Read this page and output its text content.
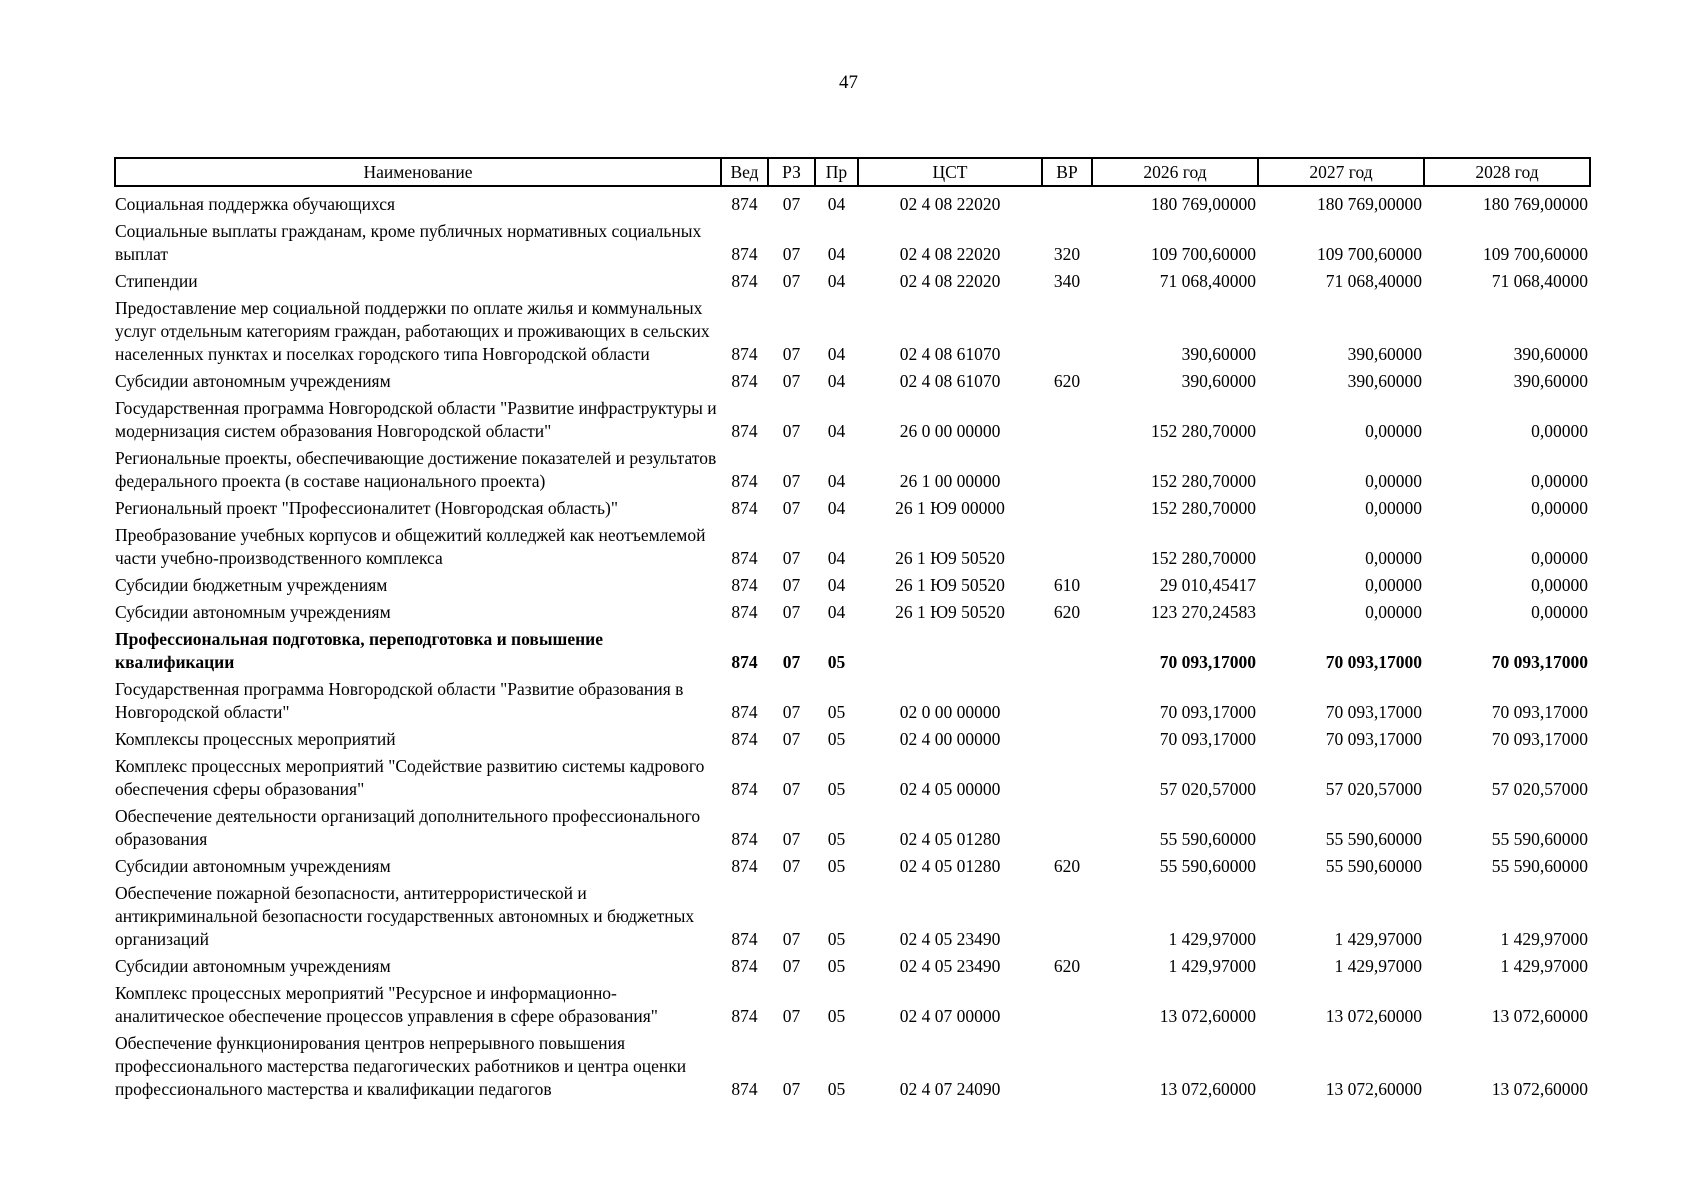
47
Наименование	Вед	РЗ	Пр	ЦСТ	ВР	2026 год	2027 год	2028 год
Социальная поддержка обучающихся	874	07	04	02 4 08 22020		180 769,00000	180 769,00000	180 769,00000
Социальные выплаты гражданам, кроме публичных нормативных социальных выплат	874	07	04	02 4 08 22020	320	109 700,60000	109 700,60000	109 700,60000
Стипендии	874	07	04	02 4 08 22020	340	71 068,40000	71 068,40000	71 068,40000
Предоставление мер социальной поддержки по оплате жилья и коммунальных услуг отдельным категориям граждан, работающих и проживающих в сельских населенных пунктах и поселках городского типа Новгородской области	874	07	04	02 4 08 61070		390,60000	390,60000	390,60000
Субсидии автономным учреждениям	874	07	04	02 4 08 61070	620	390,60000	390,60000	390,60000
Государственная программа Новгородской области "Развитие инфраструктуры и модернизация систем образования Новгородской области"	874	07	04	26 0 00 00000		152 280,70000	0,00000	0,00000
Региональные проекты, обеспечивающие достижение показателей и результатов федерального проекта (в составе национального проекта)	874	07	04	26 1 00 00000		152 280,70000	0,00000	0,00000
Региональный проект "Профессионалитет (Новгородская область)"	874	07	04	26 1 Ю9 00000		152 280,70000	0,00000	0,00000
Преобразование учебных корпусов и общежитий колледжей как неотъемлемой части учебно-производственного комплекса	874	07	04	26 1 Ю9 50520		152 280,70000	0,00000	0,00000
Субсидии бюджетным учреждениям	874	07	04	26 1 Ю9 50520	610	29 010,45417	0,00000	0,00000
Субсидии автономным учреждениям	874	07	04	26 1 Ю9 50520	620	123 270,24583	0,00000	0,00000
Профессиональная подготовка, переподготовка и повышение квалификации	874	07	05			70 093,17000	70 093,17000	70 093,17000
Государственная программа Новгородской области "Развитие образования в Новгородской области"	874	07	05	02 0 00 00000		70 093,17000	70 093,17000	70 093,17000
Комплексы процессных мероприятий	874	07	05	02 4 00 00000		70 093,17000	70 093,17000	70 093,17000
Комплекс процессных мероприятий "Содействие развитию системы кадрового обеспечения сферы образования"	874	07	05	02 4 05 00000		57 020,57000	57 020,57000	57 020,57000
Обеспечение деятельности организаций дополнительного профессионального образования	874	07	05	02 4 05 01280		55 590,60000	55 590,60000	55 590,60000
Субсидии автономным учреждениям	874	07	05	02 4 05 01280	620	55 590,60000	55 590,60000	55 590,60000
Обеспечение пожарной безопасности, антитеррористической и антикриминальной безопасности государственных автономных и бюджетных организаций	874	07	05	02 4 05 23490		1 429,97000	1 429,97000	1 429,97000
Субсидии автономным учреждениям	874	07	05	02 4 05 23490	620	1 429,97000	1 429,97000	1 429,97000
Комплекс процессных мероприятий "Ресурсное и информационно-аналитическое обеспечение процессов управления в сфере образования"	874	07	05	02 4 07 00000		13 072,60000	13 072,60000	13 072,60000
Обеспечение функционирования центров непрерывного повышения профессионального мастерства педагогических работников и центра оценки профессионального мастерства и квалификации педагогов	874	07	05	02 4 07 24090		13 072,60000	13 072,60000	13 072,60000
